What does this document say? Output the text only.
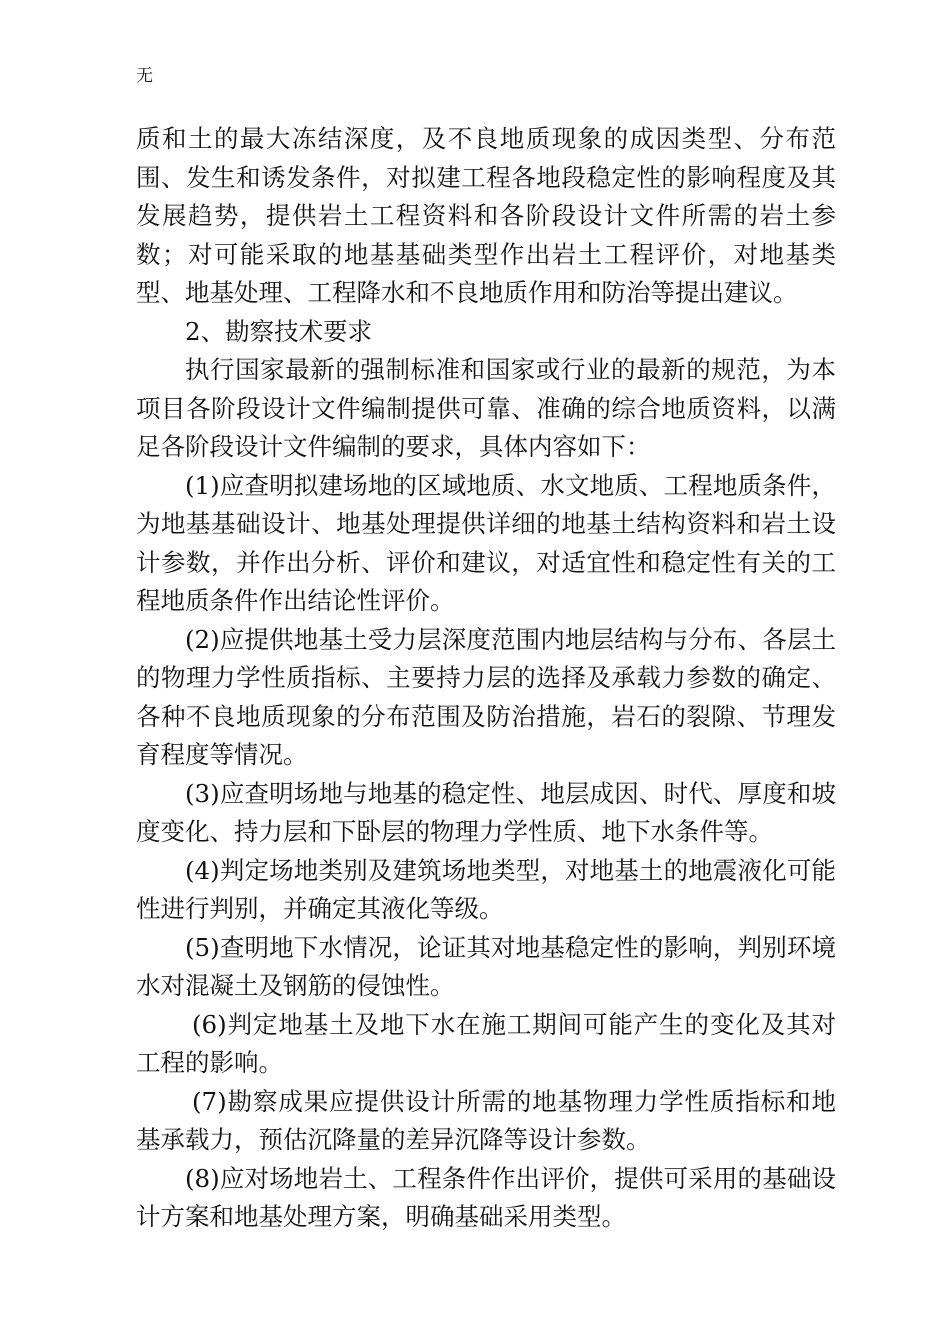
无

质和土的最大冻结深度，及不良地质现象的成因类型、分布范围、发生和诱发条件，对拟建工程各地段稳定性的影响程度及其发展趋势，提供岩土工程资料和各阶段设计文件所需的岩土参数；对可能采取的地基基础类型作出岩土工程评价，对地基类型、地基处理、工程降水和不良地质作用和防治等提出建议。

2、勘察技术要求

执行国家最新的强制标准和国家或行业的最新的规范，为本项目各阶段设计文件编制提供可靠、准确的综合地质资料，以满足各阶段设计文件编制的要求，具体内容如下：

(1)应查明拟建场地的区域地质、水文地质、工程地质条件，为地基基础设计、地基处理提供详细的地基土结构资料和岩土设计参数，并作出分析、评价和建议，对适宜性和稳定性有关的工程地质条件作出结论性评价。

(2)应提供地基土受力层深度范围内地层结构与分布、各层土的物理力学性质指标、主要持力层的选择及承载力参数的确定、各种不良地质现象的分布范围及防治措施，岩石的裂隙、节理发育程度等情况。

(3)应查明场地与地基的稳定性、地层成因、时代、厚度和坡度变化、持力层和下卧层的物理力学性质、地下水条件等。

(4)判定场地类别及建筑场地类型，对地基土的地震液化可能性进行判别，并确定其液化等级。

(5)查明地下水情况，论证其对地基稳定性的影响，判别环境水对混凝土及钢筋的侵蚀性。

(6)判定地基土及地下水在施工期间可能产生的变化及其对工程的影响。

(7)勘察成果应提供设计所需的地基物理力学性质指标和地基承载力，预估沉降量的差异沉降等设计参数。

(8)应对场地岩土、工程条件作出评价，提供可采用的基础设计方案和地基处理方案，明确基础采用类型。
